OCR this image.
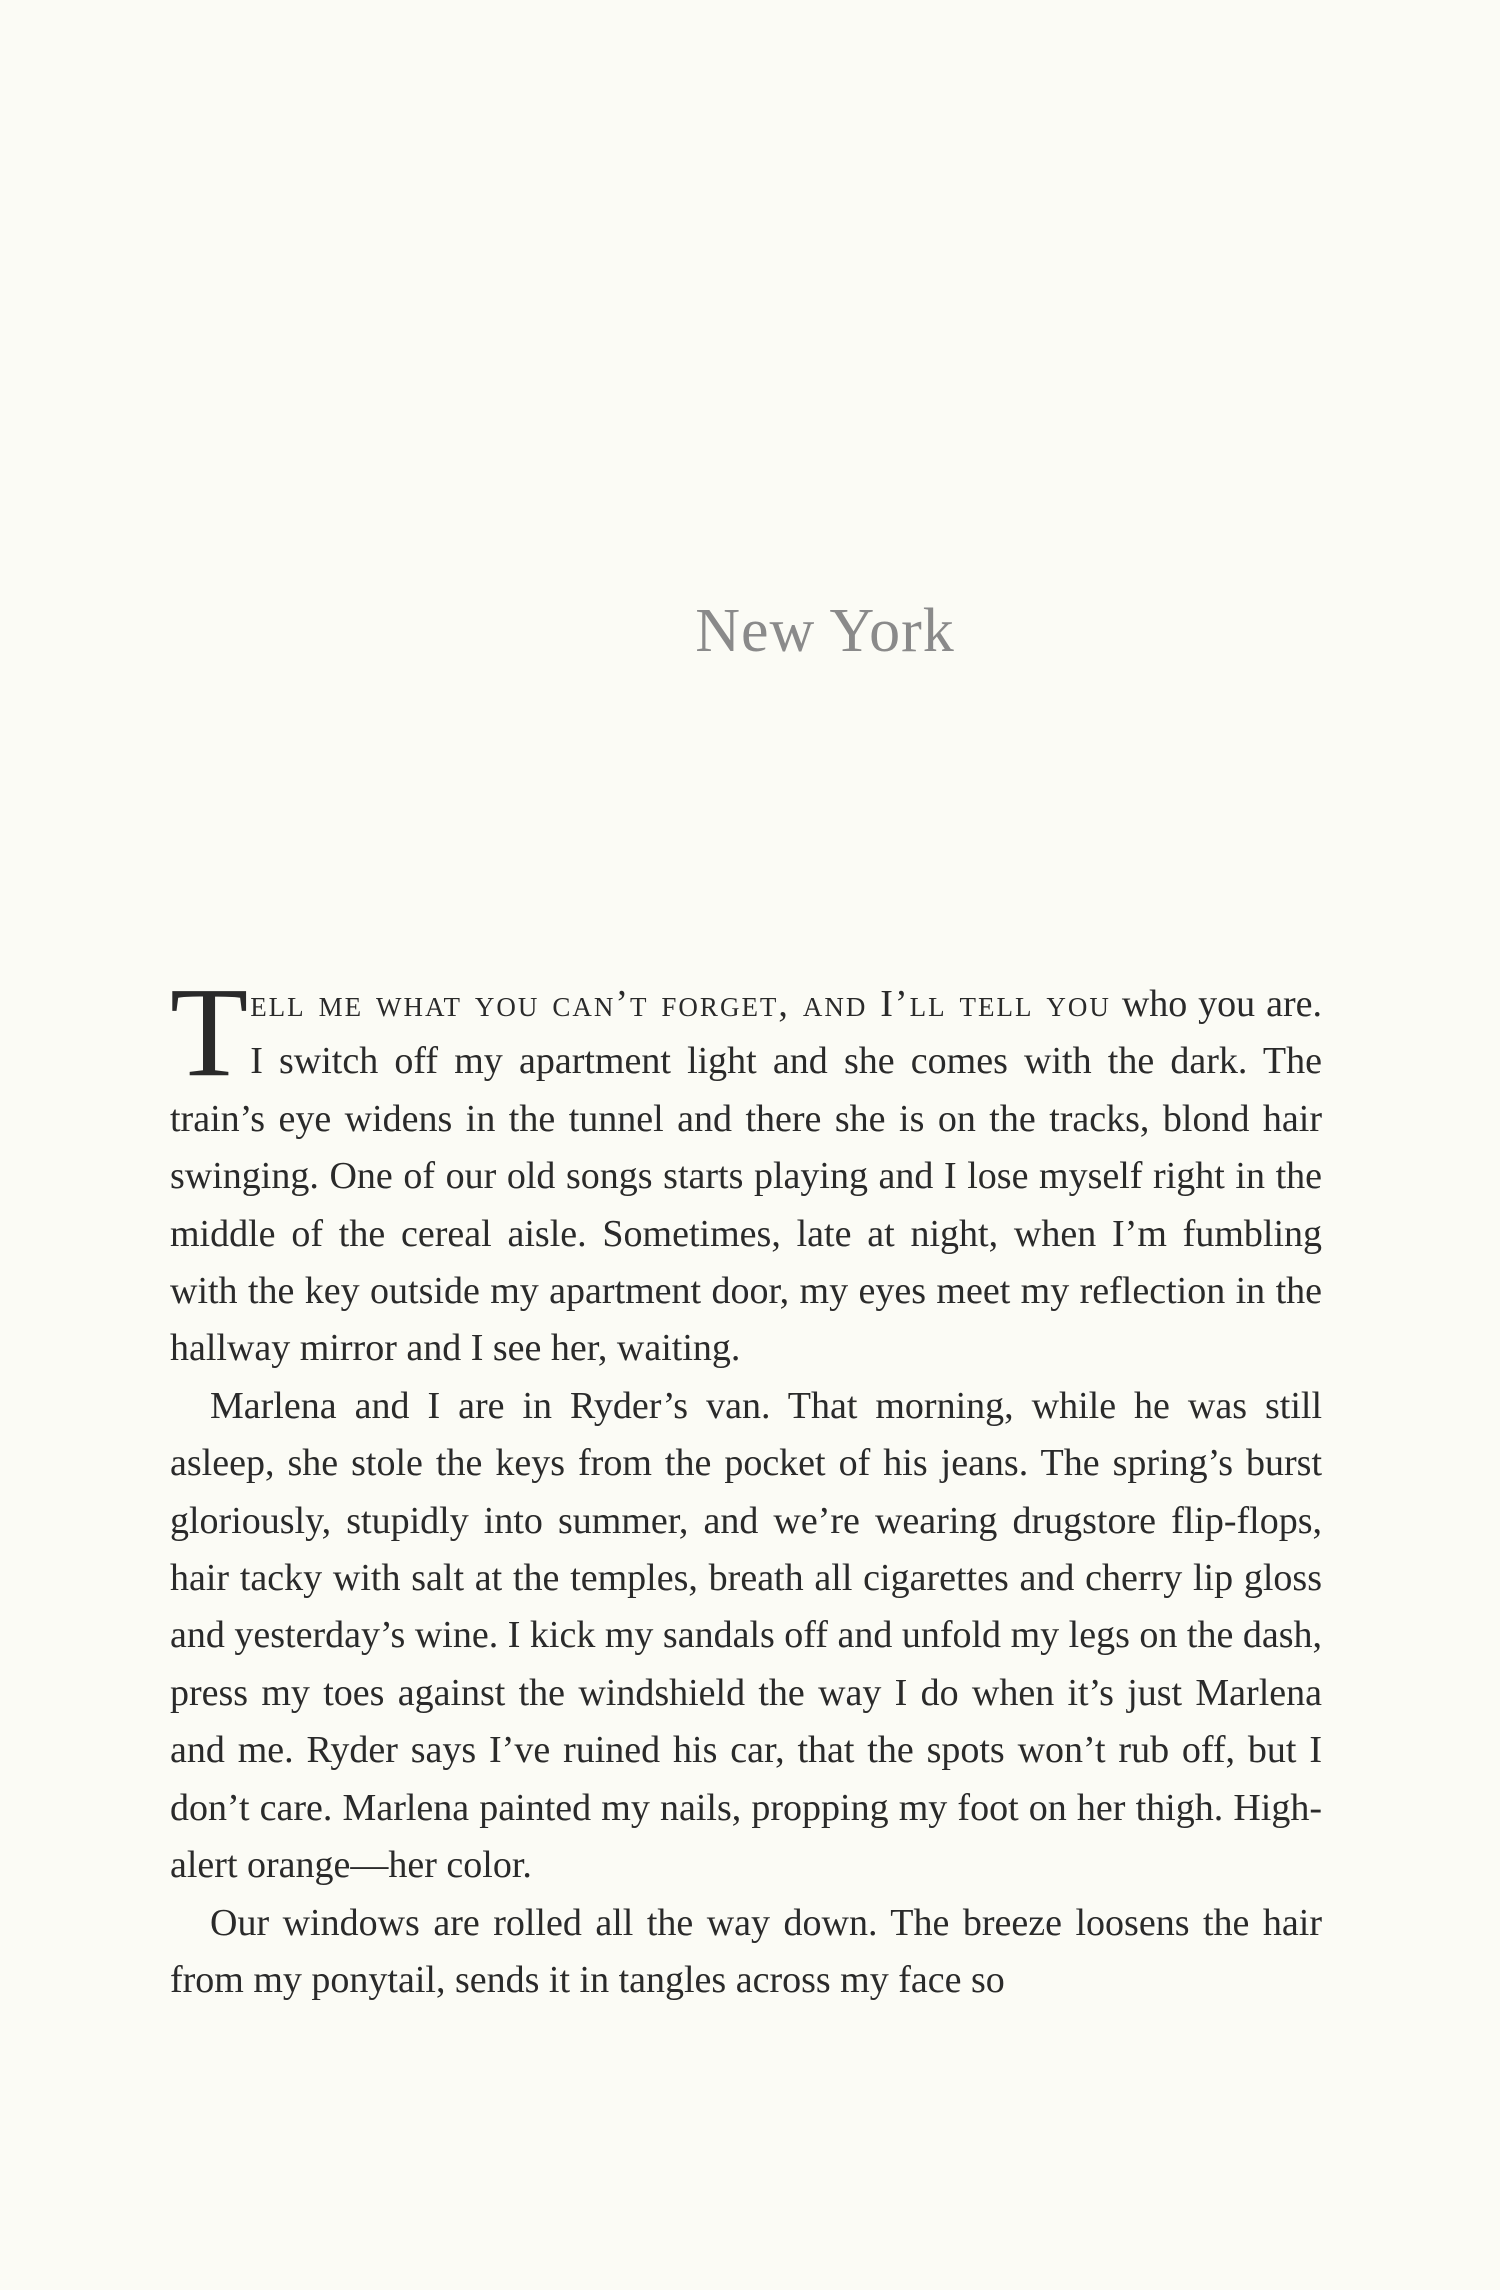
New York

Tell me what you can’t forget, and I’ll tell you who you are. I switch off my apartment light and she comes with the dark. The train’s eye widens in the tunnel and there she is on the tracks, blond hair swinging. One of our old songs starts playing and I lose myself right in the middle of the cereal aisle. Sometimes, late at night, when I’m fumbling with the key outside my apartment door, my eyes meet my reflection in the hallway mirror and I see her, waiting.

Marlena and I are in Ryder’s van. That morning, while he was still asleep, she stole the keys from the pocket of his jeans. The spring’s burst gloriously, stupidly into summer, and we’re wearing drugstore flip-flops, hair tacky with salt at the temples, breath all cigarettes and cherry lip gloss and yesterday’s wine. I kick my sandals off and unfold my legs on the dash, press my toes against the windshield the way I do when it’s just Marlena and me. Ryder says I’ve ruined his car, that the spots won’t rub off, but I don’t care. Marlena painted my nails, propping my foot on her thigh. High-alert orange—her color.

Our windows are rolled all the way down. The breeze loosens the hair from my ponytail, sends it in tangles across my face so
